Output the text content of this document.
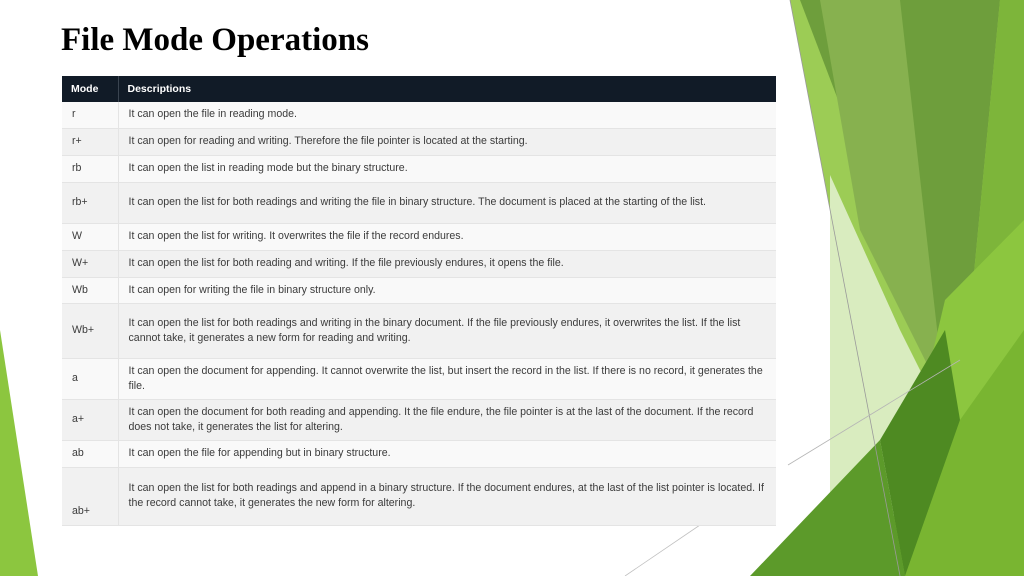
File Mode Operations
Mode	Descriptions
r	It can open the file in reading mode.
r+	It can open for reading and writing. Therefore the file pointer is located at the starting.
rb	It can open the list in reading mode but the binary structure.
rb+	It can open the list for both readings and writing the file in binary structure. The document is placed at the starting of the list.
W	It can open the list for writing. It overwrites the file if the record endures.
W+	It can open the list for both reading and writing. If the file previously endures, it opens the file.
Wb	It can open for writing the file in binary structure only.
Wb+	It can open the list for both readings and writing in the binary document. If the file previously endures, it overwrites the list. If the list cannot take, it generates a new form for reading and writing.
a	It can open the document for appending. It cannot overwrite the list, but insert the record in the list. If there is no record, it generates the file.
a+	It can open the document for both reading and appending. It the file endure, the file pointer is at the last of the document. If the record does not take, it generates the list for altering.
ab	It can open the file for appending but in binary structure.
ab+	It can open the list for both readings and append in a binary structure. If the document endures, at the last of the list pointer is located. If the record cannot take, it generates the new form for altering.
